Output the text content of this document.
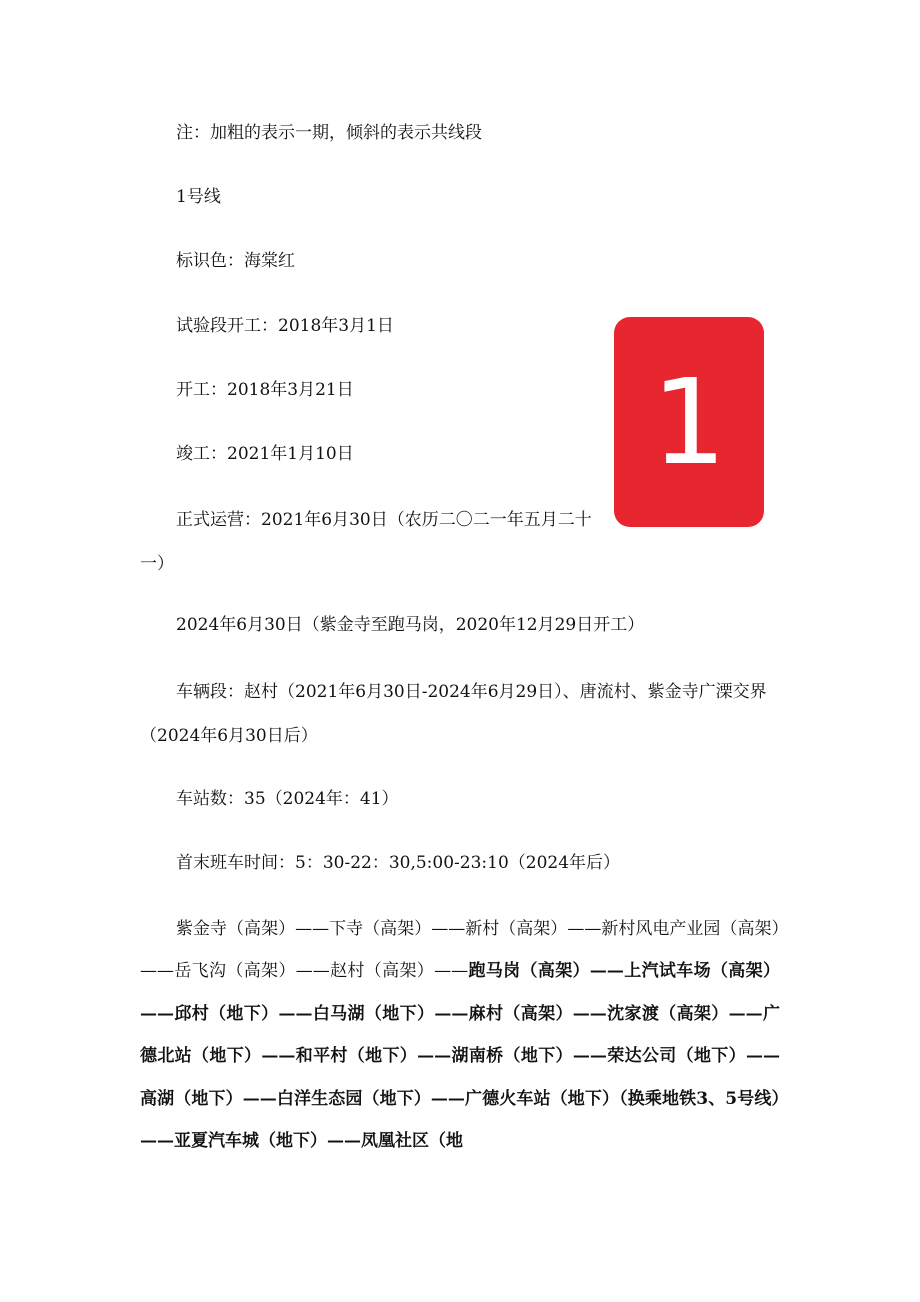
注：加粗的表示一期，倾斜的表示共线段

1号线

标识色：海棠红

试验段开工：2018年3月1日

开工：2018年3月21日

竣工：2021年1月10日

正式运营：2021年6月30日（农历二〇二一年五月二十一）

2024年6月30日（紫金寺至跑马岗，2020年12月29日开工）

车辆段：赵村（2021年6月30日-2024年6月29日）、唐流村、紫金寺广溧交界（2024年6月30日后）

车站数：35（2024年：41）

首末班车时间：5：30-22：30,5:00-23:10（2024年后）

紫金寺（高架）——下寺（高架）——新村（高架）——新村风电产业园（高架）——岳飞沟（高架）——赵村（高架）——跑马岗（高架）——上汽试车场（高架）——邱村（地下）——白马湖（地下）——麻村（高架）——沈家渡（高架）——广德北站（地下）——和平村（地下）——湖南桥（地下）——荣达公司（地下）——高湖（地下）——白洋生态园（地下）——广德火车站（地下）（换乘地铁3、5号线）——亚夏汽车城（地下）——凤凰社区（地

1
